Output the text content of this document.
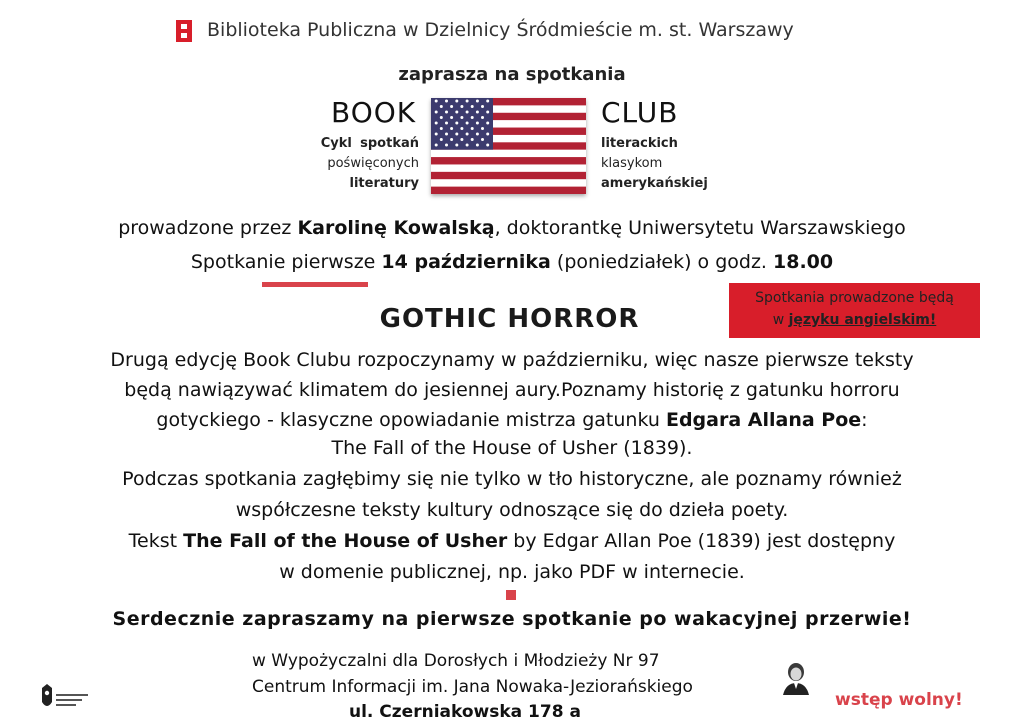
Biblioteka Publiczna w Dzielnicy Śródmieście m. st. Warszawy
zaprasza na spotkania
BOOK	CLUB
Cykl spotkań
poświęconych
literatury
literackich
klasykom
amerykańskiej
prowadzone przez Karolinę Kowalską, doktorantkę Uniwersytetu Warszawskiego
Spotkanie pierwsze 14 października (poniedziałek) o godz. 18.00
Spotkania prowadzone będą
w języku angielskim!
GOTHIC HORROR
Drugą edycję Book Clubu rozpoczynamy w październiku, więc nasze pierwsze teksty
będą nawiązywać klimatem do jesiennej aury.Poznamy historię z gatunku horroru
gotyckiego - klasyczne opowiadanie mistrza gatunku Edgara Allana Poe:
The Fall of the House of Usher (1839).
Podczas spotkania zagłębimy się nie tylko w tło historyczne, ale poznamy również
współczesne teksty kultury odnoszące się do dzieła poety.
Tekst The Fall of the House of Usher by Edgar Allan Poe (1839) jest dostępny
w domenie publicznej, np. jako PDF w internecie.
Serdecznie zapraszamy na pierwsze spotkanie po wakacyjnej przerwie!
w Wypożyczalni dla Dorosłych i Młodzieży Nr 97
Centrum Informacji im. Jana Nowaka-Jeziorańskiego
ul. Czerniakowska 178 a
wstęp wolny!
